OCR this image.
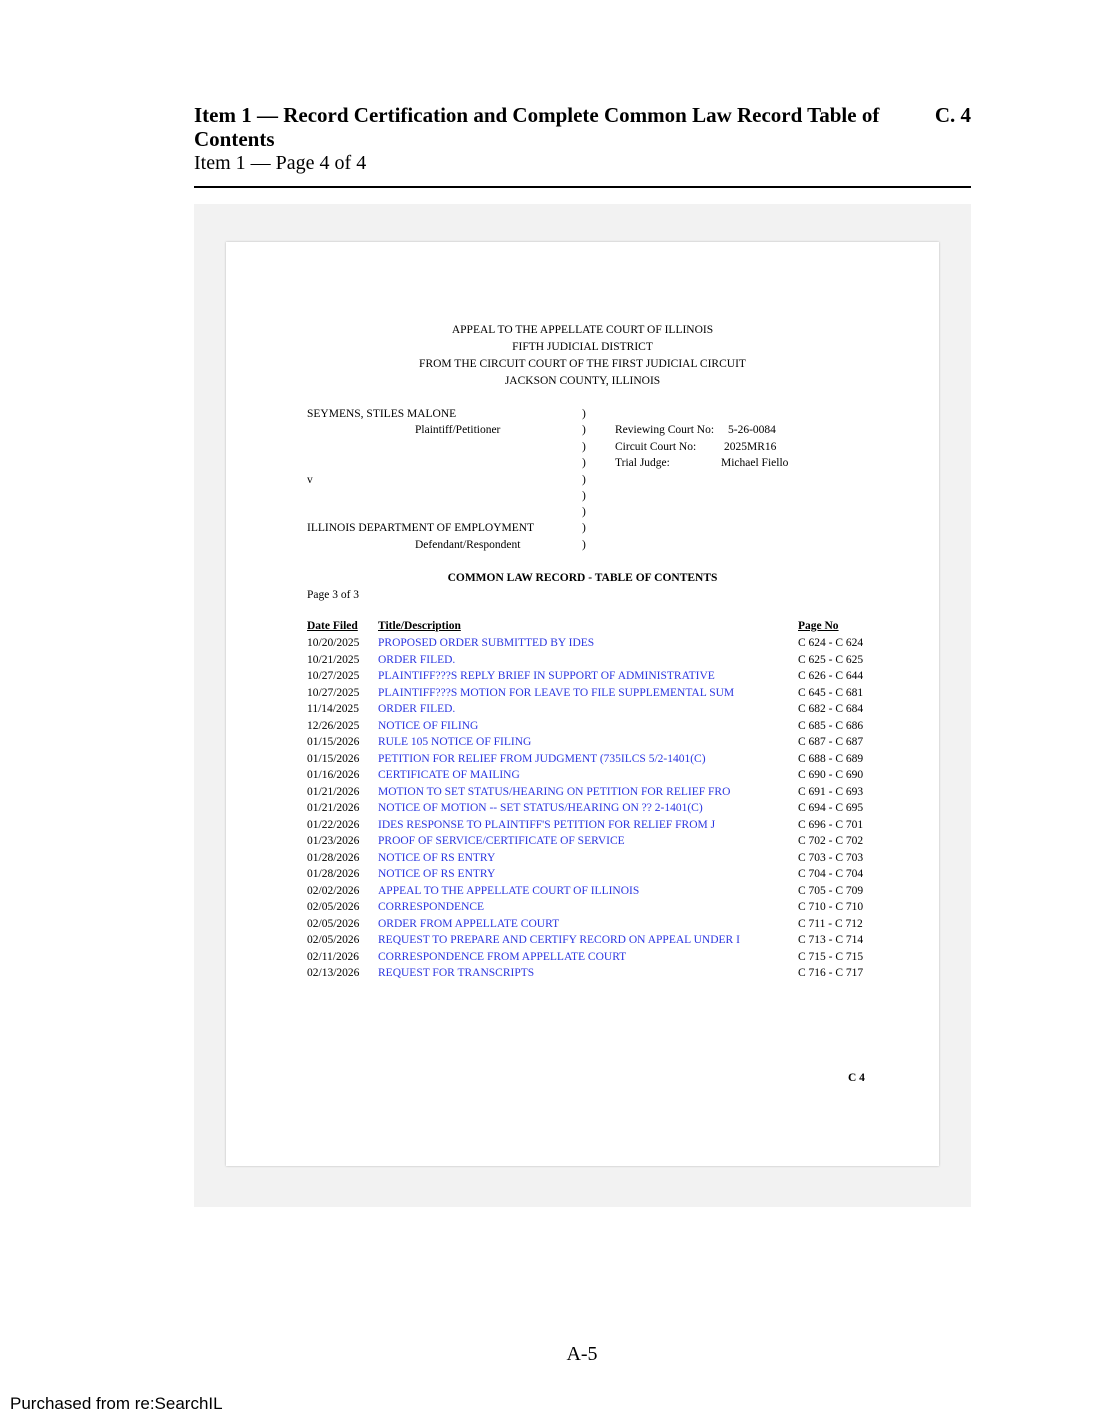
Item 1 — Record Certification and Complete Common Law Record Table of Contents
C. 4
Item 1 — Page 4 of 4
APPEAL TO THE APPELLATE COURT OF ILLINOIS
FIFTH JUDICIAL DISTRICT
FROM THE CIRCUIT COURT OF THE FIRST JUDICIAL CIRCUIT
JACKSON COUNTY, ILLINOIS
SEYMENS, STILES MALONE
Plaintiff/Petitioner
v
ILLINOIS DEPARTMENT OF EMPLOYMENT
Defendant/Respondent
)
)
)
)
)
)
)
)
)
Reviewing Court No: 5-26-0084
Circuit Court No: 2025MR16
Trial Judge:	Michael Fiello
COMMON LAW RECORD - TABLE OF CONTENTS
Page 3 of 3
Date Filed Title/Description	Page No
10/20/2025 PROPOSED ORDER SUBMITTED BY IDES	C 624 - C 624
10/21/2025 ORDER FILED.	C 625 - C 625
10/27/2025 PLAINTIFF???S REPLY BRIEF IN SUPPORT OF ADMINISTRATIVE	C 626 - C 644
10/27/2025 PLAINTIFF???S MOTION FOR LEAVE TO FILE SUPPLEMENTAL SUM	C 645 - C 681
11/14/2025 ORDER FILED.	C 682 - C 684
12/26/2025 NOTICE OF FILING	C 685 - C 686
01/15/2026 RULE 105 NOTICE OF FILING	C 687 - C 687
01/15/2026 PETITION FOR RELIEF FROM JUDGMENT (735ILCS 5/2-1401(C)	C 688 - C 689
01/16/2026 CERTIFICATE OF MAILING	C 690 - C 690
01/21/2026 MOTION TO SET STATUS/HEARING ON PETITION FOR RELIEF FRO	C 691 - C 693
01/21/2026 NOTICE OF MOTION -- SET STATUS/HEARING ON ?? 2-1401(C)	C 694 - C 695
01/22/2026 IDES RESPONSE TO PLAINTIFF'S PETITION FOR RELIEF FROM J	C 696 - C 701
01/23/2026 PROOF OF SERVICE/CERTIFICATE OF SERVICE	C 702 - C 702
01/28/2026 NOTICE OF RS ENTRY	C 703 - C 703
01/28/2026 NOTICE OF RS ENTRY	C 704 - C 704
02/02/2026 APPEAL TO THE APPELLATE COURT OF ILLINOIS	C 705 - C 709
02/05/2026 CORRESPONDENCE	C 710 - C 710
02/05/2026 ORDER FROM APPELLATE COURT	C 711 - C 712
02/05/2026 REQUEST TO PREPARE AND CERTIFY RECORD ON APPEAL UNDER I	C 713 - C 714
02/11/2026 CORRESPONDENCE FROM APPELLATE COURT	C 715 - C 715
02/13/2026 REQUEST FOR TRANSCRIPTS	C 716 - C 717
C 4
A-5
Purchased from re:SearchIL
